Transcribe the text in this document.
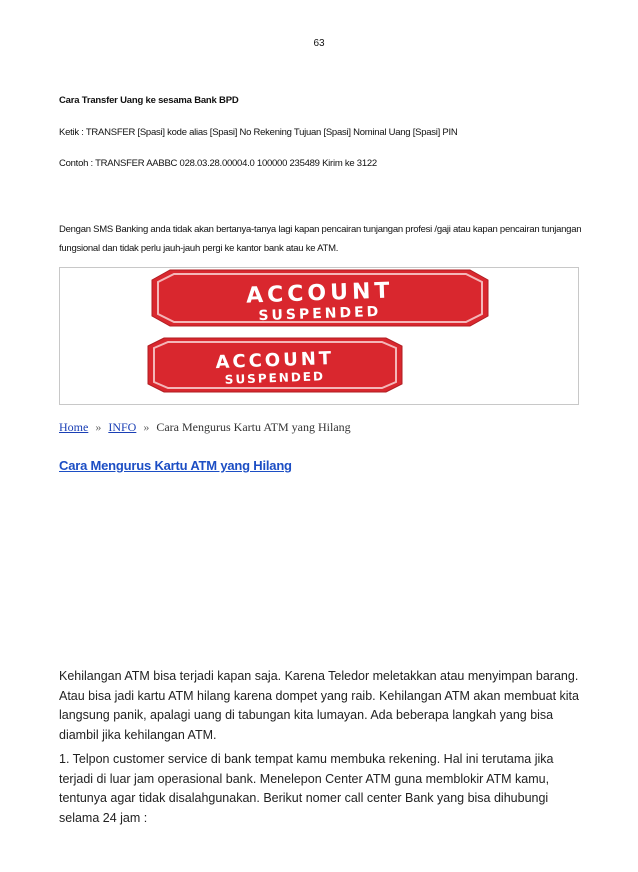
63
Cara Transfer Uang ke sesama Bank BPD
Ketik : TRANSFER [Spasi] kode alias [Spasi] No Rekening Tujuan [Spasi] Nominal Uang [Spasi] PIN
Contoh : TRANSFER AABBC 028.03.28.00004.0 100000 235489 Kirim ke 3122
Dengan SMS Banking anda tidak akan bertanya-tanya lagi kapan pencairan tunjangan profesi /gaji atau kapan pencairan tunjangan fungsional dan tidak perlu jauh-jauh pergi ke kantor bank atau ke ATM.
ACCOUNT
SUSPENDED
ACCOUNT
SUSPENDED
Home » INFO » Cara Mengurus Kartu ATM yang Hilang
Cara Mengurus Kartu ATM yang Hilang
Kehilangan ATM bisa terjadi kapan saja. Karena Teledor meletakkan atau menyimpan barang. Atau bisa jadi kartu ATM hilang karena dompet yang raib. Kehilangan ATM akan membuat kita langsung panik, apalagi uang di tabungan kita lumayan. Ada beberapa langkah yang bisa diambil jika kehilangan ATM.
1. Telpon customer service di bank tempat kamu membuka rekening. Hal ini terutama jika terjadi di luar jam operasional bank. Menelepon Center ATM guna memblokir ATM kamu, tentunya agar tidak disalahgunakan. Berikut nomer call center Bank yang bisa dihubungi selama 24 jam :
